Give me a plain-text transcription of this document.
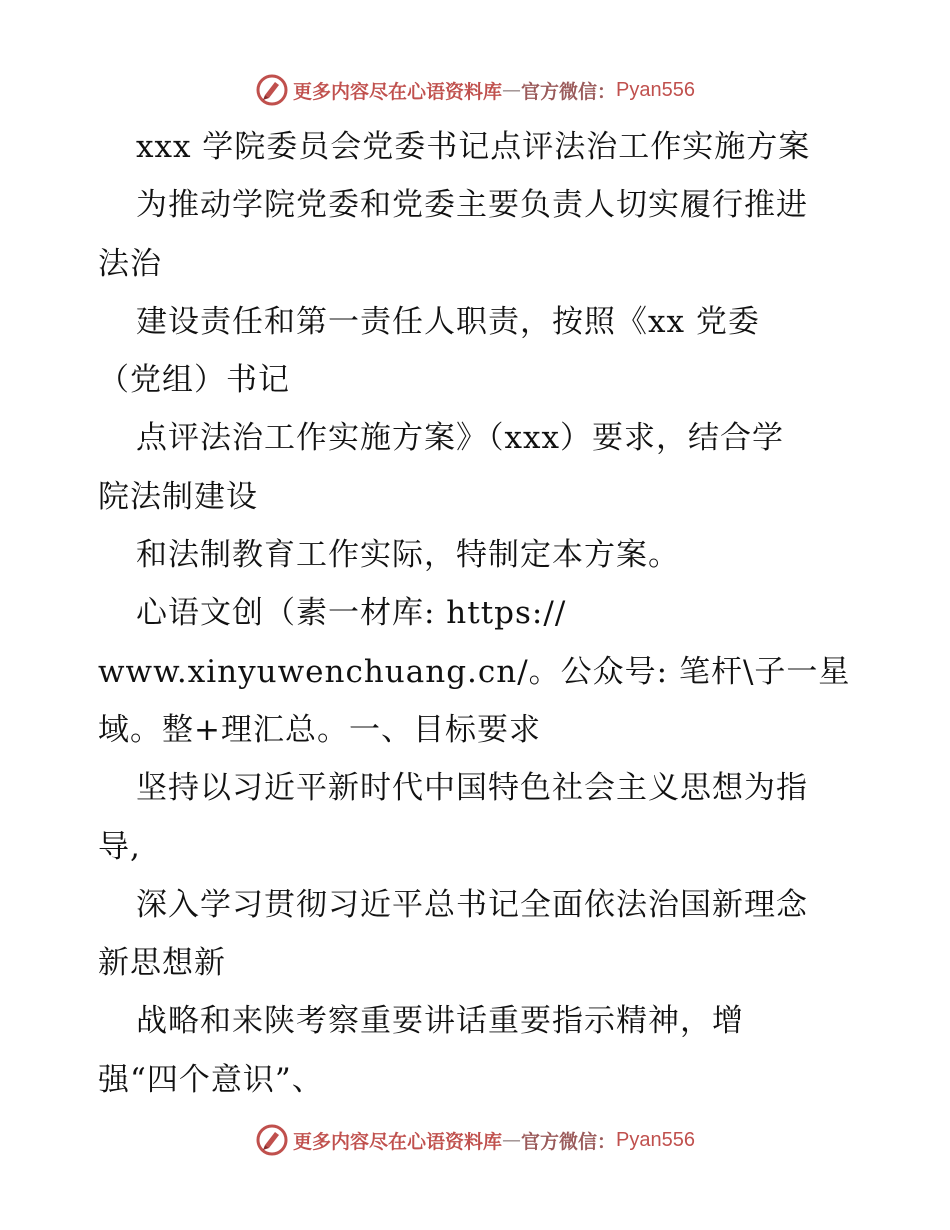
更多内容尽在心语资料库 — 官方微信： Pyan556
xxx 学院委员会党委书记点评法治工作实施方案
为推动学院党委和党委主要负责人切实履行推进
法治
建设责任和第一责任人职责，按照《xx 党委
（党组）书记
点评法治工作实施方案》（xxx）要求，结合学
院法制建设
和法制教育工作实际，特制定本方案。
心语文创（素一材库: https://
www.xinyuwenchuang.cn/。公众号: 笔杆\子一星
域。整+理汇总。一、目标要求
坚持以习近平新时代中国特色社会主义思想为指
导,
深入学习贯彻习近平总书记全面依法治国新理念
新思想新
战略和来陕考察重要讲话重要指示精神，增
强“四个意识”、
更多内容尽在心语资料库 — 官方微信： Pyan556
